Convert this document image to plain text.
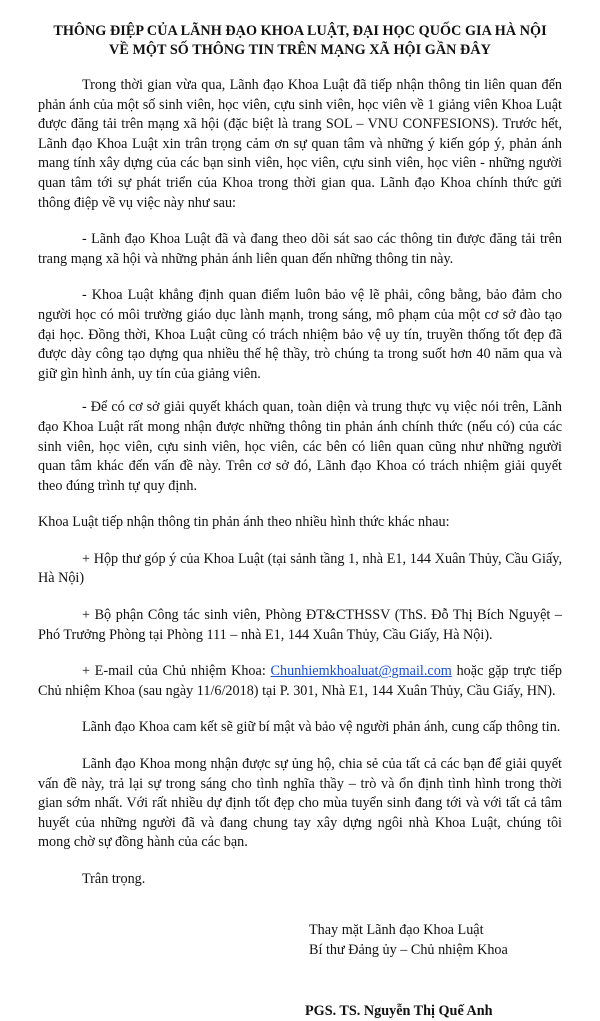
THÔNG ĐIỆP CỦA LÃNH ĐẠO KHOA LUẬT, ĐẠI HỌC QUỐC GIA HÀ NỘI
VỀ MỘT SỐ THÔNG TIN TRÊN MẠNG XÃ HỘI GẦN ĐÂY

Trong thời gian vừa qua, Lãnh đạo Khoa Luật đã tiếp nhận thông tin liên quan đến phản ánh của một số sinh viên, học viên, cựu sinh viên, học viên về 1 giảng viên Khoa Luật được đăng tải trên mạng xã hội (đặc biệt là trang SOL – VNU CONFESIONS). Trước hết, Lãnh đạo Khoa Luật xin trân trọng cảm ơn sự quan tâm và những ý kiến góp ý, phản ánh mang tính xây dựng của các bạn sinh viên, học viên, cựu sinh viên, học viên - những người quan tâm tới sự phát triển của Khoa trong thời gian qua. Lãnh đạo Khoa chính thức gửi thông điệp về vụ việc này như sau:

- Lãnh đạo Khoa Luật đã và đang theo dõi sát sao các thông tin được đăng tải trên trang mạng xã hội và những phản ánh liên quan đến những thông tin này.

- Khoa Luật khẳng định quan điểm luôn bảo vệ lẽ phải, công bằng, bảo đảm cho người học có môi trường giáo dục lành mạnh, trong sáng, mô phạm của một cơ sở đào tạo đại học. Đồng thời, Khoa Luật cũng có trách nhiệm bảo vệ uy tín, truyền thống tốt đẹp đã được dày công tạo dựng qua nhiều thế hệ thầy, trò chúng ta trong suốt hơn 40 năm qua và giữ gìn hình ảnh, uy tín của giảng viên.

- Để có cơ sở giải quyết khách quan, toàn diện và trung thực vụ việc nói trên, Lãnh đạo Khoa Luật rất mong nhận được những thông tin phản ánh chính thức (nếu có) của các sinh viên, học viên, cựu sinh viên, học viên, các bên có liên quan cũng như những người quan tâm khác đến vấn đề này. Trên cơ sở đó, Lãnh đạo Khoa có trách nhiệm giải quyết theo đúng trình tự quy định.

Khoa Luật tiếp nhận thông tin phản ánh theo nhiều hình thức khác nhau:

+ Hộp thư góp ý của Khoa Luật (tại sảnh tầng 1, nhà E1, 144 Xuân Thủy, Cầu Giấy, Hà Nội)

+ Bộ phận Công tác sinh viên, Phòng ĐT&CTHSSV (ThS. Đỗ Thị Bích Nguyệt – Phó Trưởng Phòng tại Phòng 111 – nhà E1, 144 Xuân Thủy, Cầu Giấy, Hà Nội).

+ E-mail của Chủ nhiệm Khoa: Chunhiemkhoaluat@gmail.com hoặc gặp trực tiếp Chủ nhiệm Khoa (sau ngày 11/6/2018) tại P. 301, Nhà E1, 144 Xuân Thủy, Cầu Giấy, HN).

Lãnh đạo Khoa cam kết sẽ giữ bí mật và bảo vệ người phản ánh, cung cấp thông tin.

Lãnh đạo Khoa mong nhận được sự ủng hộ, chia sẻ của tất cả các bạn để giải quyết vấn đề này, trả lại sự trong sáng cho tình nghĩa thầy – trò và ổn định tình hình trong thời gian sớm nhất. Với rất nhiều dự định tốt đẹp cho mùa tuyển sinh đang tới và với tất cả tâm huyết của những người đã và đang chung tay xây dựng ngôi nhà Khoa Luật, chúng tôi mong chờ sự đồng hành của các bạn.

Trân trọng.

Thay mặt Lãnh đạo Khoa Luật
Bí thư Đảng ủy – Chủ nhiệm Khoa
PGS. TS. Nguyễn Thị Quế Anh
